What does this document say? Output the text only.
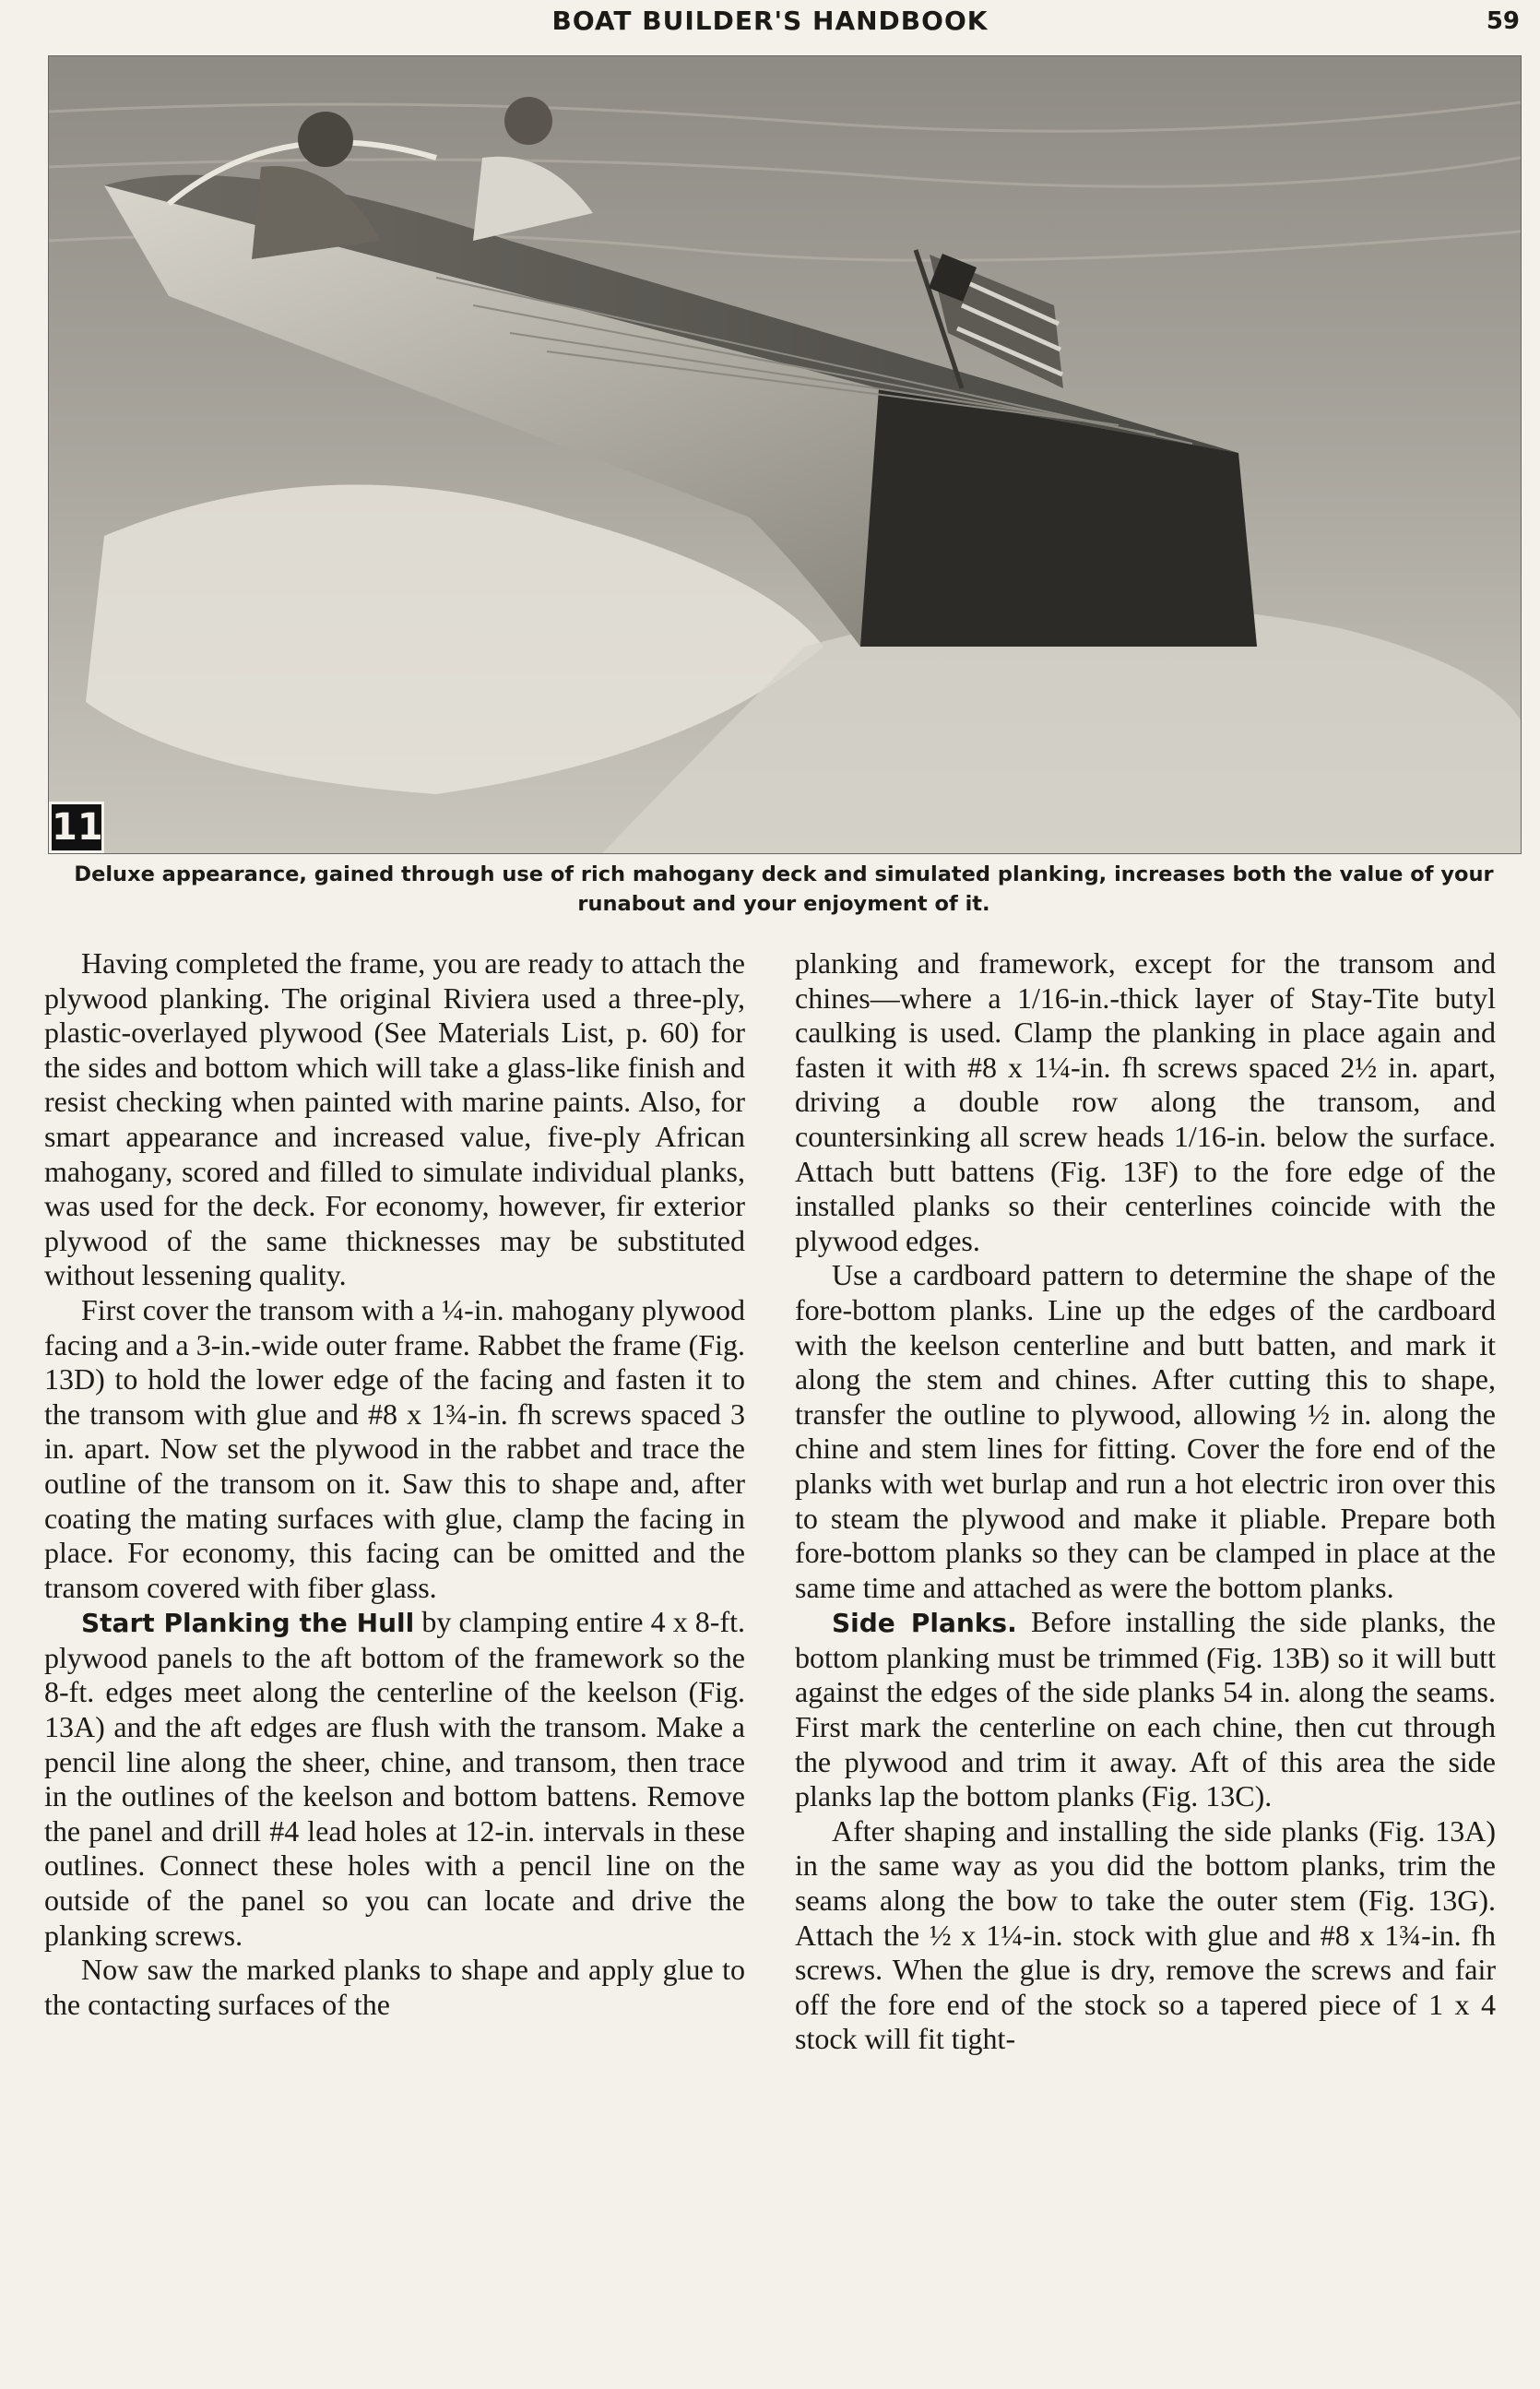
BOAT BUILDER'S HANDBOOK	59
11
Deluxe appearance, gained through use of rich mahogany deck and simulated planking, increases both the value of your runabout and your enjoyment of it.

Having completed the frame, you are ready to attach the plywood planking. The original Riviera used a three-ply, plastic-overlayed plywood (See Materials List, p. 60) for the sides and bottom which will take a glass-like finish and resist checking when painted with marine paints. Also, for smart appearance and increased value, five-ply African mahogany, scored and filled to simulate individual planks, was used for the deck. For economy, however, fir exterior plywood of the same thicknesses may be substituted without lessening quality.

First cover the transom with a ¼-in. mahogany plywood facing and a 3-in.-wide outer frame. Rabbet the frame (Fig. 13D) to hold the lower edge of the facing and fasten it to the transom with glue and #8 x 1¾-in. fh screws spaced 3 in. apart. Now set the plywood in the rabbet and trace the outline of the transom on it. Saw this to shape and, after coating the mating surfaces with glue, clamp the facing in place. For economy, this facing can be omitted and the transom covered with fiber glass.

Start Planking the Hull by clamping entire 4 x 8-ft. plywood panels to the aft bottom of the framework so the 8-ft. edges meet along the centerline of the keelson (Fig. 13A) and the aft edges are flush with the transom. Make a pencil line along the sheer, chine, and transom, then trace in the outlines of the keelson and bottom battens. Remove the panel and drill #4 lead holes at 12-in. intervals in these outlines. Connect these holes with a pencil line on the outside of the panel so you can locate and drive the planking screws.

Now saw the marked planks to shape and apply glue to the contacting surfaces of the

planking and framework, except for the transom and chines—where a 1/16-in.-thick layer of Stay-Tite butyl caulking is used. Clamp the planking in place again and fasten it with #8 x 1¼-in. fh screws spaced 2½ in. apart, driving a double row along the transom, and countersinking all screw heads 1/16-in. below the surface. Attach butt battens (Fig. 13F) to the fore edge of the installed planks so their centerlines coincide with the plywood edges.

Use a cardboard pattern to determine the shape of the fore-bottom planks. Line up the edges of the cardboard with the keelson centerline and butt batten, and mark it along the stem and chines. After cutting this to shape, transfer the outline to plywood, allowing ½ in. along the chine and stem lines for fitting. Cover the fore end of the planks with wet burlap and run a hot electric iron over this to steam the plywood and make it pliable. Prepare both fore-bottom planks so they can be clamped in place at the same time and attached as were the bottom planks.

Side Planks. Before installing the side planks, the bottom planking must be trimmed (Fig. 13B) so it will butt against the edges of the side planks 54 in. along the seams. First mark the centerline on each chine, then cut through the plywood and trim it away. Aft of this area the side planks lap the bottom planks (Fig. 13C).

After shaping and installing the side planks (Fig. 13A) in the same way as you did the bottom planks, trim the seams along the bow to take the outer stem (Fig. 13G). Attach the ½ x 1¼-in. stock with glue and #8 x 1¾-in. fh screws. When the glue is dry, remove the screws and fair off the fore end of the stock so a tapered piece of 1 x 4 stock will fit tight-
